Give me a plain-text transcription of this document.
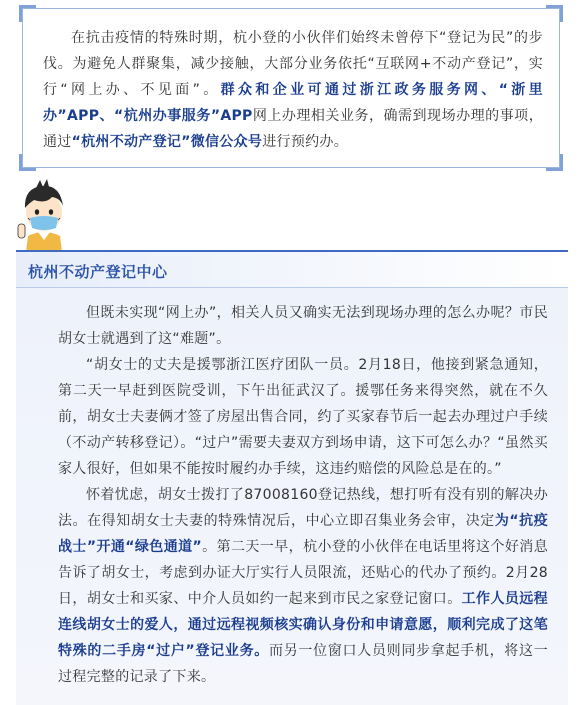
在抗击疫情的特殊时期，杭小登的小伙伴们始终未曾停下“登记为民”的步伐。为避免人群聚集，减少接触，大部分业务依托“互联网+不动产登记”，实行“网上办、不见面”。群众和企业可通过浙江政务服务网、“浙里办”APP、“杭州办事服务”APP网上办理相关业务，确需到现场办理的事项，通过“杭州不动产登记”微信公众号进行预约办。

杭州不动产登记中心

但既未实现“网上办”，相关人员又确实无法到现场办理的怎么办呢？市民胡女士就遇到了这“难题”。

“胡女士的丈夫是援鄂浙江医疗团队一员。2月18日，他接到紧急通知，第二天一早赶到医院受训，下午出征武汉了。援鄂任务来得突然，就在不久前，胡女士夫妻俩才签了房屋出售合同，约了买家春节后一起去办理过户手续（不动产转移登记）。“过户”需要夫妻双方到场申请，这下可怎么办？“虽然买家人很好，但如果不能按时履约办手续，这违约赔偿的风险总是在的。”

怀着忧虑，胡女士拨打了87008160登记热线，想打听有没有别的解决办法。在得知胡女士夫妻的特殊情况后，中心立即召集业务会审，决定为“抗疫战士”开通“绿色通道”。第二天一早，杭小登的小伙伴在电话里将这个好消息告诉了胡女士，考虑到办证大厅实行人员限流，还贴心的代办了预约。2月28日，胡女士和买家、中介人员如约一起来到市民之家登记窗口。工作人员远程连线胡女士的爱人，通过远程视频核实确认身份和申请意愿，顺利完成了这笔特殊的二手房“过户”登记业务。而另一位窗口人员则同步拿起手机，将这一过程完整的记录了下来。
